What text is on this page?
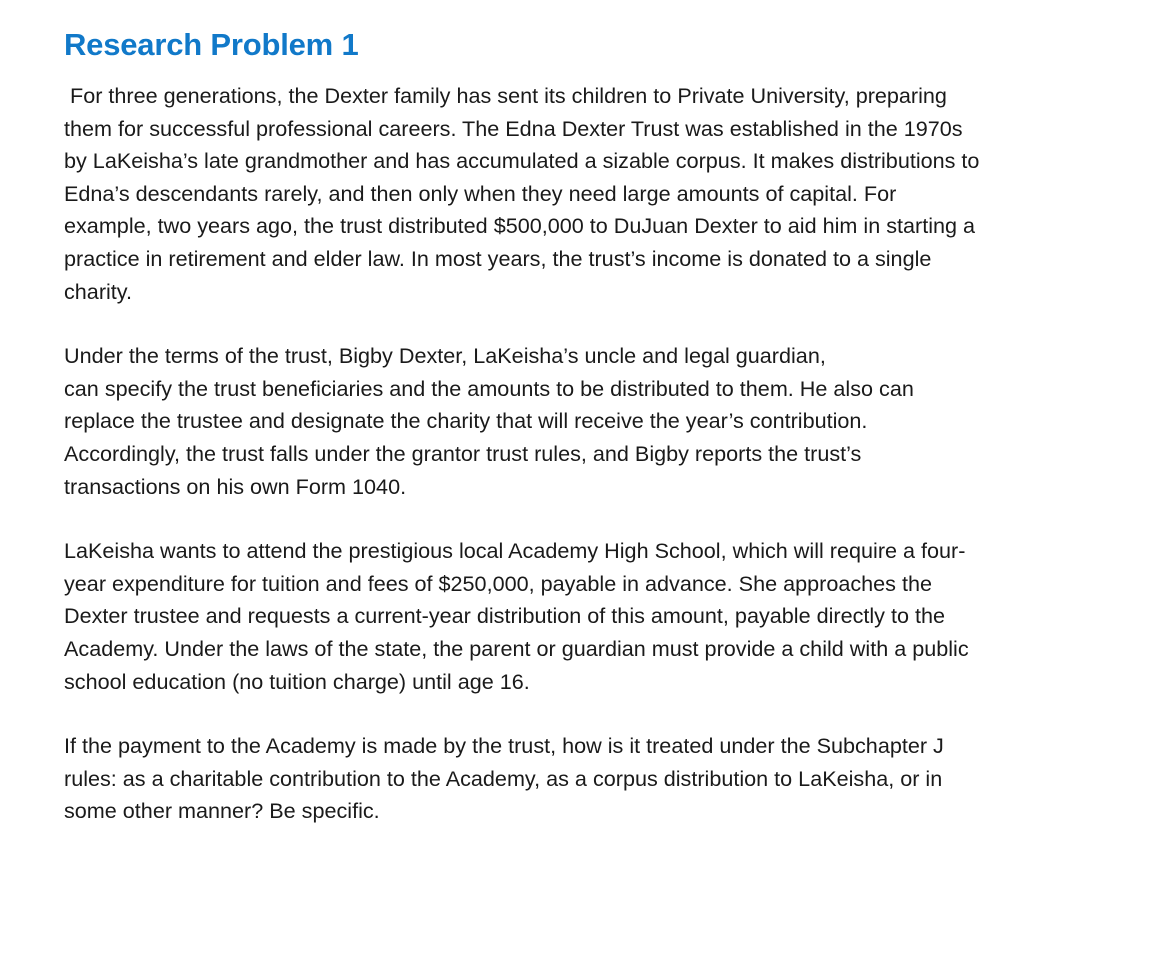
Research Problem 1

For three generations, the Dexter family has sent its children to Private University, preparing
them for successful professional careers. The Edna Dexter Trust was established in the 1970s
by LaKeisha’s late grandmother and has accumulated a sizable corpus. It makes distributions to
Edna’s descendants rarely, and then only when they need large amounts of capital. For
example, two years ago, the trust distributed $500,000 to DuJuan Dexter to aid him in starting a
practice in retirement and elder law. In most years, the trust’s income is donated to a single
charity.

Under the terms of the trust, Bigby Dexter, LaKeisha’s uncle and legal guardian,
can specify the trust beneficiaries and the amounts to be distributed to them. He also can
replace the trustee and designate the charity that will receive the year’s contribution.
Accordingly, the trust falls under the grantor trust rules, and Bigby reports the trust’s
transactions on his own Form 1040.

LaKeisha wants to attend the prestigious local Academy High School, which will require a four-
year expenditure for tuition and fees of $250,000, payable in advance. She approaches the
Dexter trustee and requests a current-year distribution of this amount, payable directly to the
Academy. Under the laws of the state, the parent or guardian must provide a child with a public
school education (no tuition charge) until age 16.

If the payment to the Academy is made by the trust, how is it treated under the Subchapter J
rules: as a charitable contribution to the Academy, as a corpus distribution to LaKeisha, or in
some other manner? Be specific.
